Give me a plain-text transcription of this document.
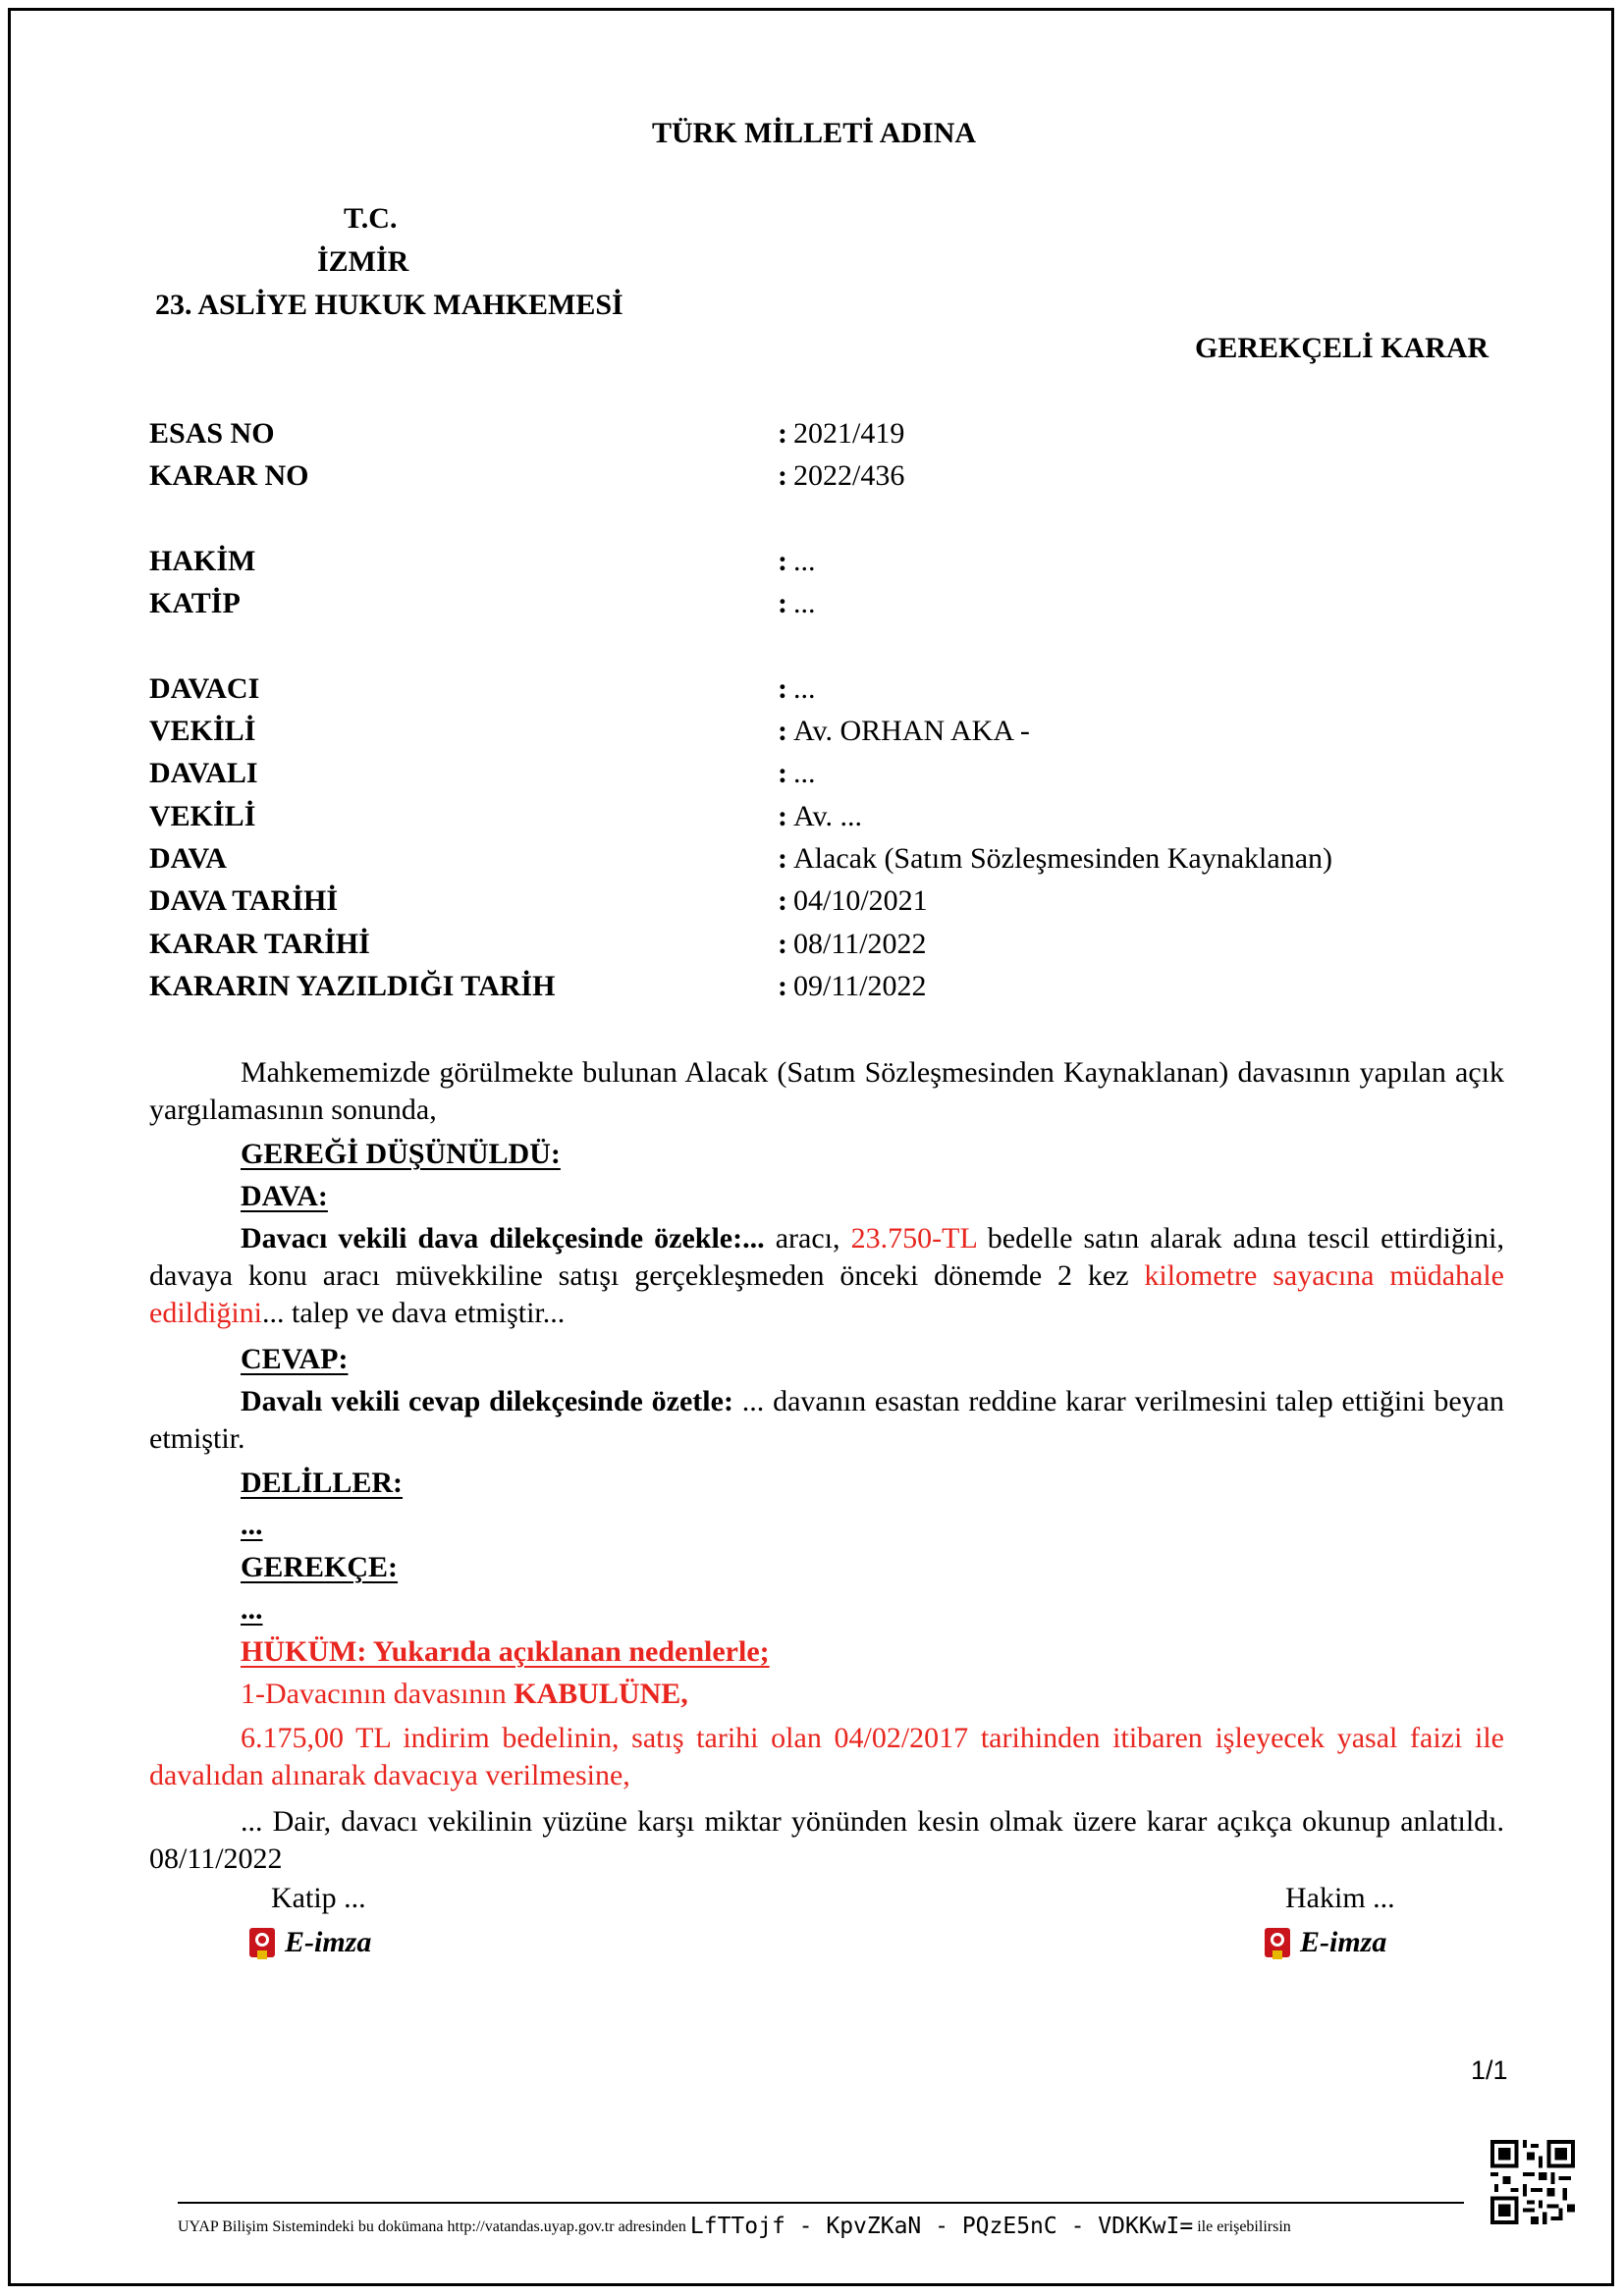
TÜRK MİLLETİ ADINA
T.C.
İZMİR
23. ASLİYE HUKUK MAHKEMESİ
GEREKÇELİ KARAR
ESAS NO	: 2021/419
KARAR NO	: 2022/436
HAKİM	: ...
KATİP	: ...
DAVACI	: ...
VEKİLİ	: Av. ORHAN AKA -
DAVALI	: ...
VEKİLİ	: Av. ...
DAVA	: Alacak (Satım Sözleşmesinden Kaynaklanan)
DAVA TARİHİ	: 04/10/2021
KARAR TARİHİ	: 08/11/2022
KARARIN YAZILDIĞI TARİH	: 09/11/2022
Mahkememizde görülmekte bulunan Alacak (Satım Sözleşmesinden Kaynaklanan) davasının yapılan açık yargılamasının sonunda,
GEREĞİ DÜŞÜNÜLDÜ:
DAVA:
Davacı vekili dava dilekçesinde özekle:... aracı, 23.750-TL bedelle satın alarak adına tescil ettirdiğini, davaya konu aracı müvekkiline satışı gerçekleşmeden önceki dönemde 2 kez kilometre sayacına müdahale edildiğini... talep ve dava etmiştir...
CEVAP:
Davalı vekili cevap dilekçesinde özetle: ... davanın esastan reddine karar verilmesini talep ettiğini beyan etmiştir.
DELİLLER:
...
GEREKÇE:
...
HÜKÜM: Yukarıda açıklanan nedenlerle;
1-Davacının davasının KABULÜNE,
6.175,00 TL indirim bedelinin, satış tarihi olan 04/02/2017 tarihinden itibaren işleyecek yasal faizi ile davalıdan alınarak davacıya verilmesine,
... Dair, davacı vekilinin yüzüne karşı miktar yönünden kesin olmak üzere karar açıkça okunup anlatıldı. 08/11/2022
Katip ...	Hakim ...
E-imza	E-imza
1/1
UYAP Bilişim Sistemindeki bu dokümana http://vatandas.uyap.gov.tr adresinden LfTTojf - KpvZKaN - PQzE5nC - VDKKwI= ile erişebilirsin
